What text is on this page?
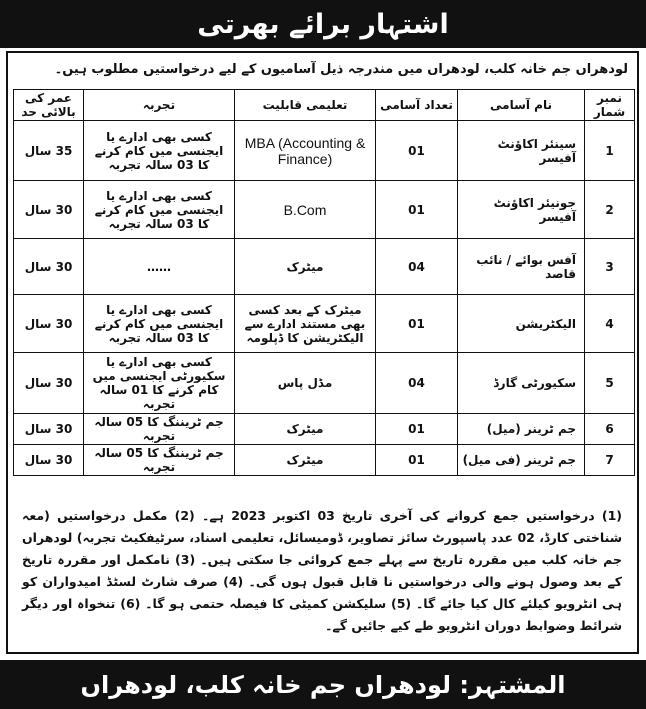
اشتہار برائے بھرتی
لودھراں جم خانہ کلب، لودھراں میں مندرجہ ذیل آسامیوں کے لیے درخواستیں مطلوب ہیں۔
نمبر شمار	نام آسامی	تعداد آسامی	تعلیمی قابلیت	تجربہ	عمر کی بالائی حد
1	سینئر اکاؤنٹ آفیسر	01	MBA (Accounting & Finance)	کسی بھی ادارے یا ایجنسی میں کام کرنے کا 03 سالہ تجربہ	35 سال
2	جونیئر اکاؤنٹ آفیسر	01	B.Com	کسی بھی ادارے یا ایجنسی میں کام کرنے کا 03 سالہ تجربہ	30 سال
3	آفس بوائے / نائب قاصد	04	میٹرک	……	30 سال
4	الیکٹریشن	01	میٹرک کے بعد کسی بھی مستند ادارے سے الیکٹریشن کا ڈپلومہ	کسی بھی ادارے یا ایجنسی میں کام کرنے کا 03 سالہ تجربہ	30 سال
5	سکیورٹی گارڈ	04	مڈل پاس	کسی بھی ادارے یا سکیورٹی ایجنسی میں کام کرنے کا 01 سالہ تجربہ	30 سال
6	جم ٹرینر (میل)	01	میٹرک	جم ٹریننگ کا 05 سالہ تجربہ	30 سال
7	جم ٹرینر (فی میل)	01	میٹرک	جم ٹریننگ کا 05 سالہ تجربہ	30 سال
(1) درخواستیں جمع کروانے کی آخری تاریخ 03 اکتوبر 2023 ہے۔ (2) مکمل درخواستیں (معہ شناختی کارڈ، 02 عدد پاسپورٹ سائز تصاویر، ڈومیسائل، تعلیمی اسناد، سرٹیفکیٹ تجربہ) لودھراں جم خانہ کلب میں مقررہ تاریخ سے پہلے جمع کروائی جا سکتی ہیں۔ (3) نامکمل اور مقررہ تاریخ کے بعد وصول ہونے والی درخواستیں نا قابل قبول ہوں گی۔ (4) صرف شارٹ لسٹڈ امیدواران کو ہی انٹرویو کیلئے کال کیا جائے گا۔ (5) سلیکشن کمیٹی کا فیصلہ حتمی ہو گا۔ (6) تنخواہ اور دیگر شرائط وضوابط دوران انٹرویو طے کیے جائیں گے۔
المشتہر: لودھراں جم خانہ کلب، لودھراں
